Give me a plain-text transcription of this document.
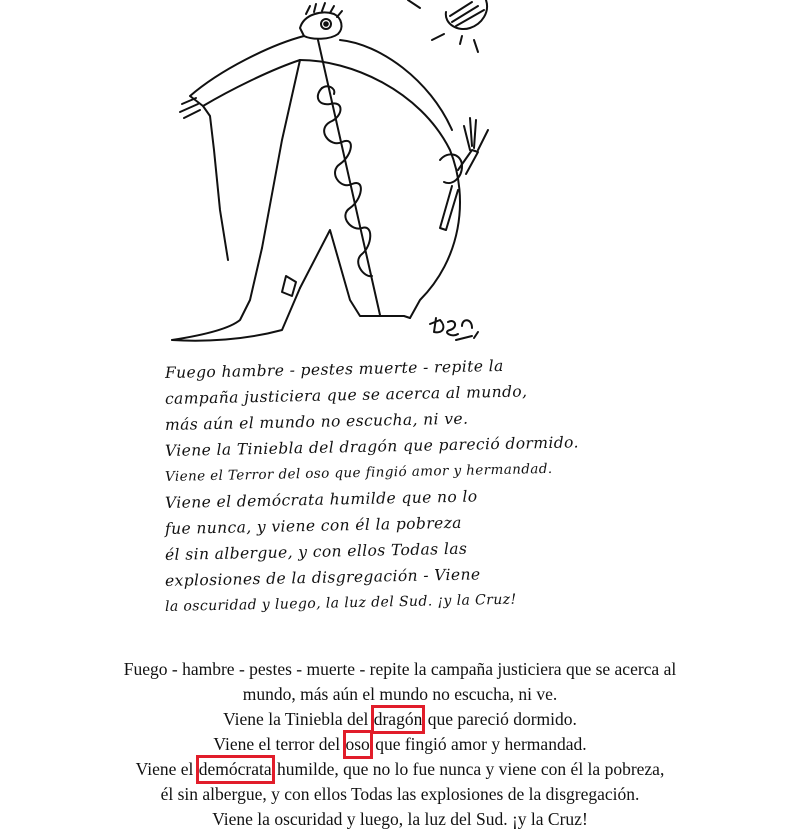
DSN 72
Fuego hambre - pestes muerte - repite la
campaña justiciera que se acerca al mundo,
más aún el mundo no escucha, ni ve.
Viene la Tiniebla del dragón que pareció dormido.
Viene el Terror del oso que fingió amor y hermandad.
Viene el demócrata humilde que no lo
fue nunca, y viene con él la pobreza
él sin albergue, y con ellos Todas las
explosiones de la disgregación - Viene
la oscuridad y luego, la luz del Sud. ¡y la Cruz!
Fuego - hambre - pestes - muerte - repite la campaña justiciera que se acerca al
mundo, más aún el mundo no escucha, ni ve.
Viene la Tiniebla del dragón que pareció dormido.
Viene el terror del oso que fingió amor y hermandad.
Viene el demócrata humilde, que no lo fue nunca y viene con él la pobreza,
él sin albergue, y con ellos Todas las explosiones de la disgregación.
Viene la oscuridad y luego, la luz del Sud. ¡y la Cruz!
